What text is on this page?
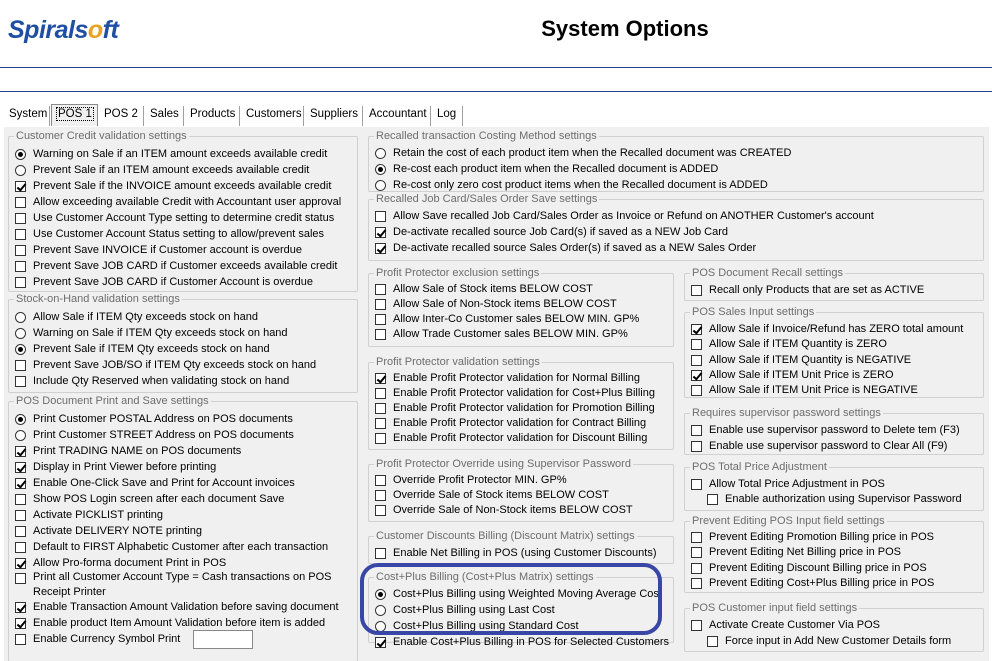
Spiralsoft	System Options
System POS 1	POS 2	Sales Products Customers Suppliers Accountant Log
Customer Credit validation settings
Warning on Sale if an ITEM amount exceeds available credit
Prevent Sale if an ITEM amount exceeds available credit
Prevent Sale if the INVOICE amount exceeds available credit
Allow exceeding available Credit with Accountant user approval
Use Customer Account Type setting to determine credit status
Use Customer Account Status setting to allow/prevent sales
Prevent Save INVOICE if Customer account is overdue
Prevent Save JOB CARD if Customer exceeds available credit
Prevent Save JOB CARD if Customer Account is overdue
Stock-on-Hand validation settings
Allow Sale if ITEM Qty exceeds stock on hand
Warning on Sale if ITEM Qty exceeds stock on hand
Prevent Sale if ITEM Qty exceeds stock on hand
Prevent Save JOB/SO if ITEM Qty exceeds stock on hand
Include Qty Reserved when validating stock on hand
POS Document Print and Save settings
Print Customer POSTAL Address on POS documents
Print Customer STREET Address on POS documents
Print TRADING NAME on POS documents
Display in Print Viewer before printing
Enable One-Click Save and Print for Account invoices
Show POS Login screen after each document Save
Activate PICKLIST printing
Activate DELIVERY NOTE printing
Default to FIRST Alphabetic Customer after each transaction
Allow Pro-forma document Print in POS
Print all Customer Account Type = Cash transactions on POS
Receipt Printer
Enable Transaction Amount Validation before saving document
Enable product Item Amount Validation before item is added
Enable Currency Symbol Print
Recalled transaction Costing Method settings
Retain the cost of each product item when the Recalled document was CREATED
Re-cost each product item when the Recalled document is ADDED
Re-cost only zero cost product items when the Recalled document is ADDED
Recalled Job Card/Sales Order Save settings
Allow Save recalled Job Card/Sales Order as Invoice or Refund on ANOTHER Customer's account
De-activate recalled source Job Card(s) if saved as a NEW Job Card
De-activate recalled source Sales Order(s) if saved as a NEW Sales Order
Profit Protector exclusion settings
Allow Sale of Stock items BELOW COST
Allow Sale of Non-Stock items BELOW COST
Allow Inter-Co Customer sales BELOW MIN. GP%
Allow Trade Customer sales BELOW MIN. GP%
Profit Protector validation settings
Enable Profit Protector validation for Normal Billing
Enable Profit Protector validation for Cost+Plus Billing
Enable Profit Protector validation for Promotion Billing
Enable Profit Protector validation for Contract Billing
Enable Profit Protector validation for Discount Billing
Profit Protector Override using Supervisor Password
Override Profit Protector MIN. GP%
Override Sale of Stock items BELOW COST
Override Sale of Non-Stock items BELOW COST
Customer Discounts Billing (Discount Matrix) settings
Enable Net Billing in POS (using Customer Discounts)
Cost+Plus Billing (Cost+Plus Matrix) settings
Cost+Plus Billing using Weighted Moving Average Cost
Cost+Plus Billing using Last Cost
Cost+Plus Billing using Standard Cost
Enable Cost+Plus Billing in POS for Selected Customers
POS Document Recall settings
Recall only Products that are set as ACTIVE
POS Sales Input settings
Allow Sale if Invoice/Refund has ZERO total amount
Allow Sale if ITEM Quantity is ZERO
Allow Sale if ITEM Quantity is NEGATIVE
Allow Sale if ITEM Unit Price is ZERO
Allow Sale if ITEM Unit Price is NEGATIVE
Requires supervisor password settings
Enable use supervisor password to Delete tem (F3)
Enable use supervisor password to Clear All (F9)
POS Total Price Adjustment
Allow Total Price Adjustment in POS
Enable authorization using Supervisor Password
Prevent Editing POS Input field settings
Prevent Editing Promotion Billing price in POS
Prevent Editing Net Billing price in POS
Prevent Editing Discount Billing price in POS
Prevent Editing Cost+Plus Billing price in POS
POS Customer input field settings
Activate Create Customer Via POS
Force input in Add New Customer Details form
